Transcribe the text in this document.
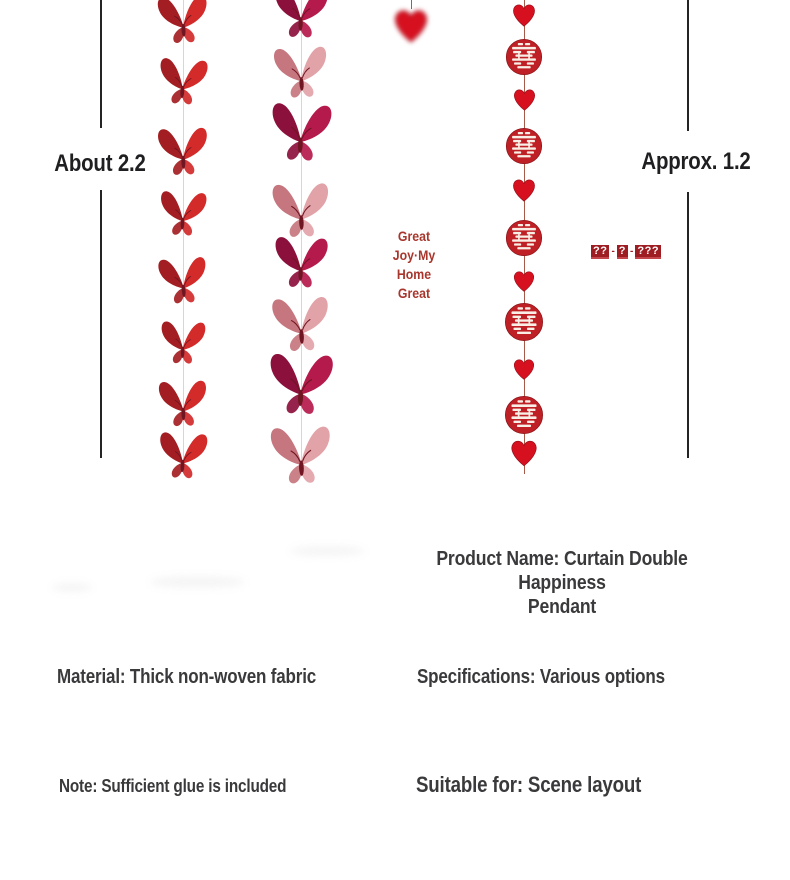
About 2.2	Approx. 1.2
Great
Joy·My
Home
Great
?? - ? - ???
Product Name: Curtain Double Happiness
Pendant
Material: Thick non-woven fabric	Specifications: Various options
Note: Sufficient glue is included	Suitable for: Scene layout
